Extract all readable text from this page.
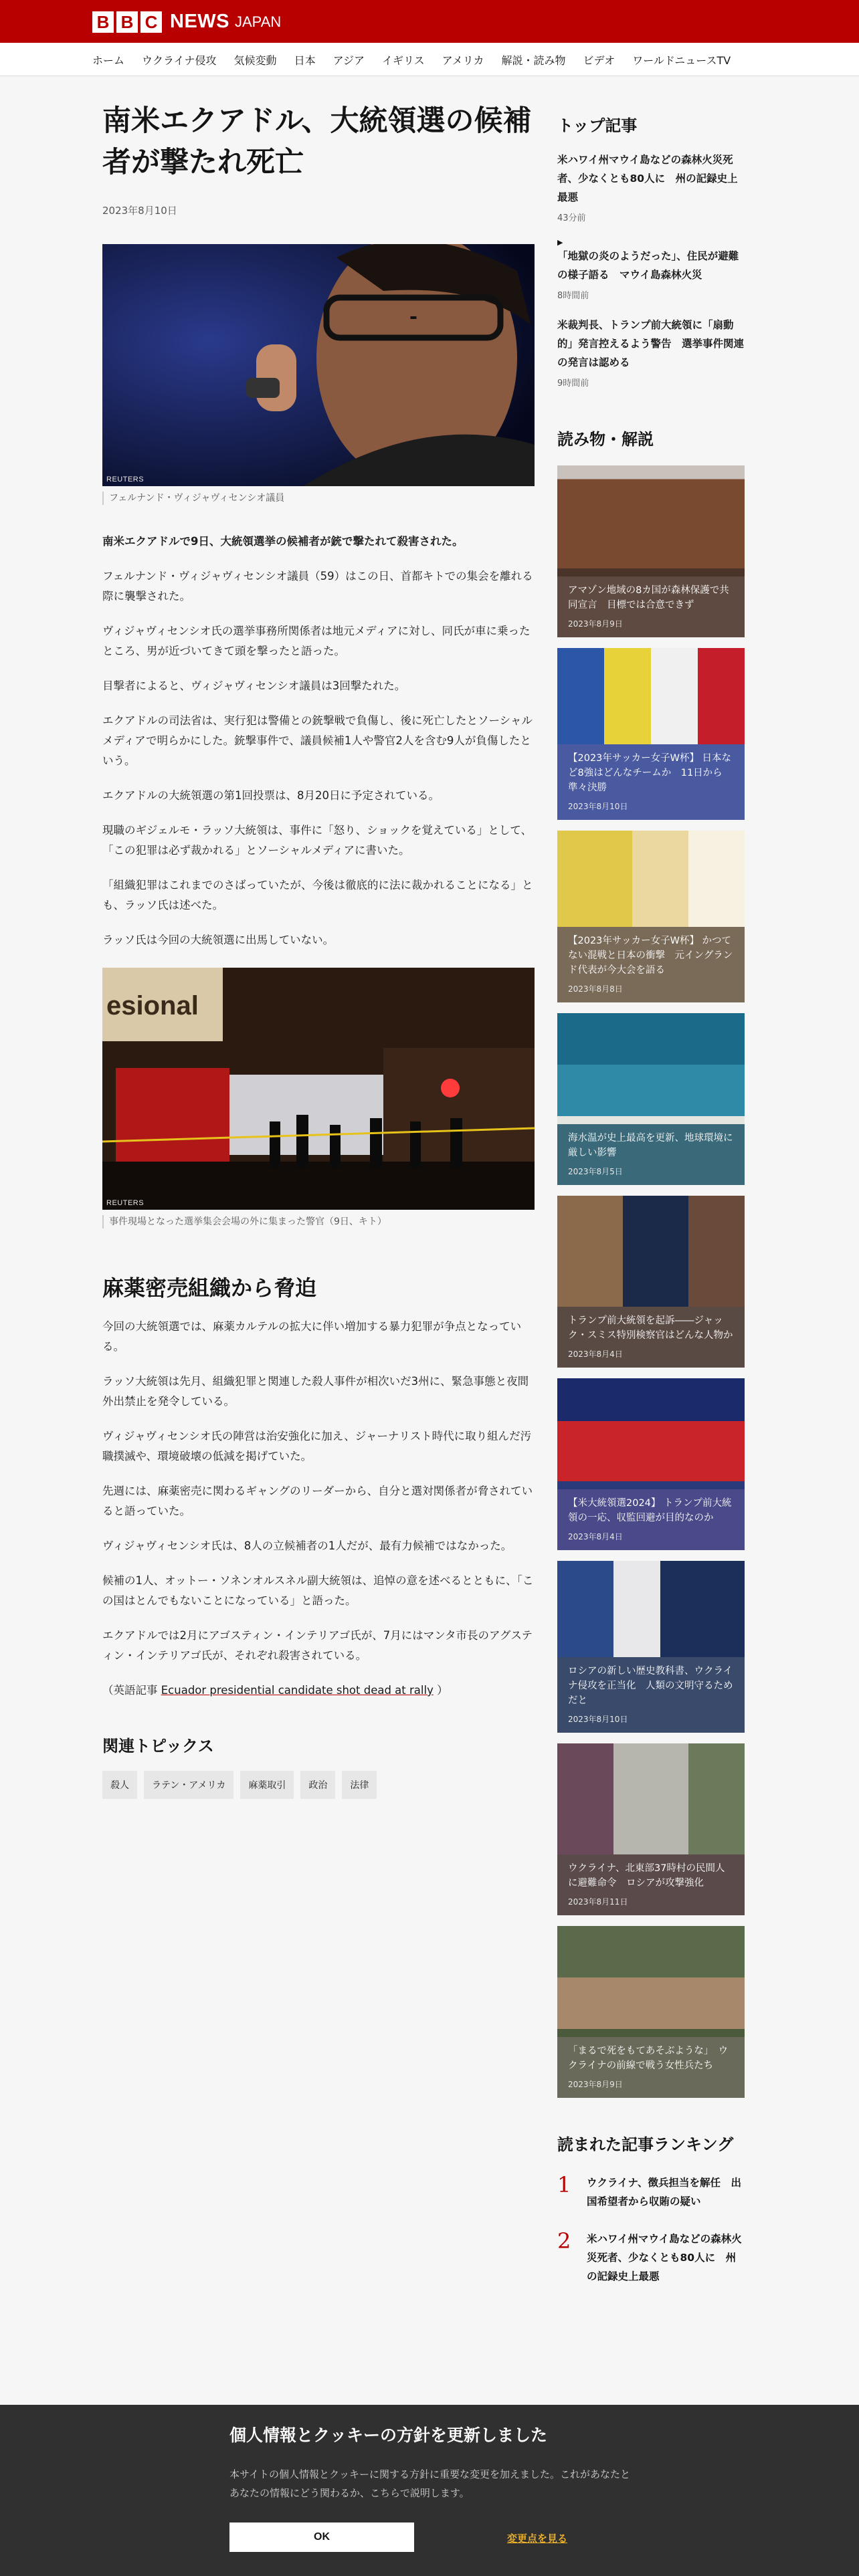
B B C NEWS JAPAN
ホーム ウクライナ侵攻 気候変動 日本 アジア イギリス アメリカ 解説・読み物 ビデオ ワールドニュースTV
南米エクアドル、大統領選の候補者が撃たれ死亡
2023年8月10日
REUTERS
フェルナンド・ヴィジャヴィセンシオ議員

南米エクアドルで9日、大統領選挙の候補者が銃で撃たれて殺害された。

フェルナンド・ヴィジャヴィセンシオ議員（59）はこの日、首都キトでの集会を離れる際に襲撃された。

ヴィジャヴィセンシオ氏の選挙事務所関係者は地元メディアに対し、同氏が車に乗ったところ、男が近づいてきて頭を撃ったと語った。

目撃者によると、ヴィジャヴィセンシオ議員は3回撃たれた。

エクアドルの司法省は、実行犯は警備との銃撃戦で負傷し、後に死亡したとソーシャルメディアで明らかにした。銃撃事件で、議員候補1人や警官2人を含む9人が負傷したという。

エクアドルの大統領選の第1回投票は、8月20日に予定されている。

現職のギジェルモ・ラッソ大統領は、事件に「怒り、ショックを覚えている」として、「この犯罪は必ず裁かれる」とソーシャルメディアに書いた。

「組織犯罪はこれまでのさばっていたが、今後は徹底的に法に裁かれることになる」とも、ラッソ氏は述べた。

ラッソ氏は今回の大統領選に出馬していない。

esional
REUTERS
事件現場となった選挙集会会場の外に集まった警官（9日、キト）
麻薬密売組織から脅迫

今回の大統領選では、麻薬カルテルの拡大に伴い増加する暴力犯罪が争点となっている。

ラッソ大統領は先月、組織犯罪と関連した殺人事件が相次いだ3州に、緊急事態と夜間外出禁止を発令している。

ヴィジャヴィセンシオ氏の陣営は治安強化に加え、ジャーナリスト時代に取り組んだ汚職撲滅や、環境破壊の低減を掲げていた。

先週には、麻薬密売に関わるギャングのリーダーから、自分と選対関係者が脅されていると語っていた。

ヴィジャヴィセンシオ氏は、8人の立候補者の1人だが、最有力候補ではなかった。

候補の1人、オットー・ソネンオルスネル副大統領は、追悼の意を述べるとともに、「この国はとんでもないことになっている」と語った。

エクアドルでは2月にアゴスティン・インテリアゴ氏が、7月にはマンタ市長のアグスティン・インテリアゴ氏が、それぞれ殺害されている。

（英語記事 Ecuador presidential candidate shot dead at rally ）

関連トピックス
殺人	ラテン・アメリカ	麻薬取引	政治	法律
トップ記事
米ハワイ州マウイ島などの森林火災死者、少なくとも80人に　州の記録史上最悪
43分前
▶
「地獄の炎のようだった」、住民が避難の様子語る　マウイ島森林火災
8時間前
米裁判長、トランプ前大統領に「扇動的」発言控えるよう警告　選挙事件関連の発言は認める
9時間前
読み物・解説
アマゾン地域の8カ国が森林保護で共同宣言　目標では合意できず
2023年8月9日
【2023年サッカー女子W杯】 日本など8強はどんなチームか　11日から準々決勝
2023年8月10日
【2023年サッカー女子W杯】 かつてない混戦と日本の衝撃　元イングランド代表が今大会を語る
2023年8月8日
海水温が史上最高を更新、地球環境に厳しい影響
2023年8月5日
トランプ前大統領を起訴――ジャック・スミス特別検察官はどんな人物か
2023年8月4日
【米大統領選2024】 トランプ前大統領の一応、収監回避が目的なのか
2023年8月4日
ロシアの新しい歴史教科書、ウクライナ侵攻を正当化　人類の文明守るためだと
2023年8月10日
ウクライナ、北東部37時村の民間人に避難命令　ロシアが攻撃強化
2023年8月11日
「まるで死をもてあそぶような」　ウクライナの前線で戦う女性兵たち
2023年8月9日
読まれた記事ランキング
1	ウクライナ、徴兵担当を解任　出国希望者から収賄の疑い
2	米ハワイ州マウイ島などの森林火災死者、少なくとも80人に　州の記録史上最悪
個人情報とクッキーの方針を更新しました

本サイトの個人情報とクッキーに関する方針に重要な変更を加えました。これがあなたとあなたの情報にどう関わるか、こちらで説明します。

OK	変更点を見る
